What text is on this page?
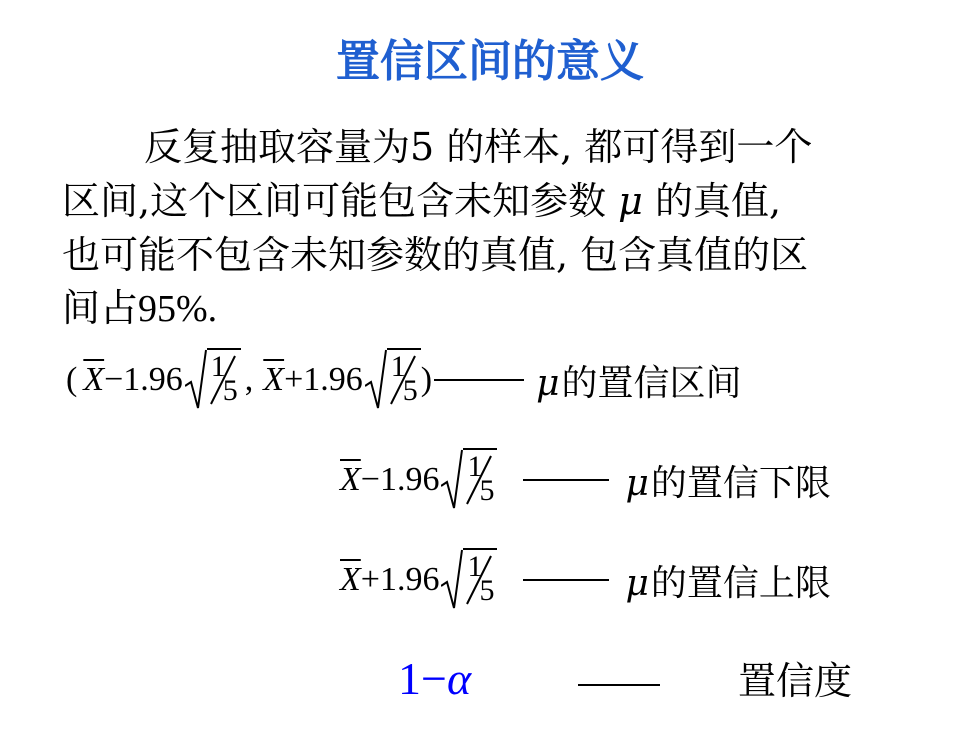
置信区间的意义
反复抽取容量为5 的样本, 都可得到一个
区间,这个区间可能包含未知参数 μ 的真值,
也可能不包含未知参数的真值, 包含真值的区
间占95%.
( $\overline{X} -1.96$ 1
5 , $\overline{X} +1.96$ 1
5 )	μ的置信区间
$\overline{X} -1.96$ 1
5	μ的置信下限
$\overline{X} +1.96$ 1
5	μ的置信上限
1−α	置信度
